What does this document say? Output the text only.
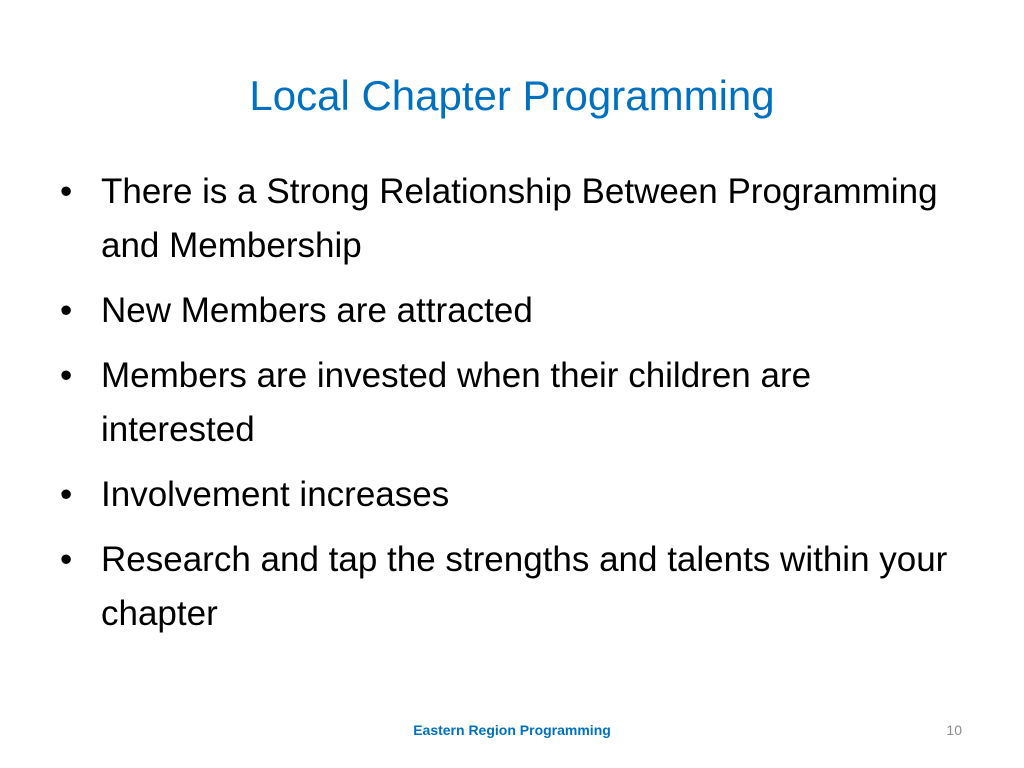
Local Chapter Programming
• There is a Strong Relationship Between Programming and Membership
• New Members are attracted
• Members are invested when their children are interested
• Involvement increases
• Research and tap the strengths and talents within your chapter
Eastern Region Programming	10
